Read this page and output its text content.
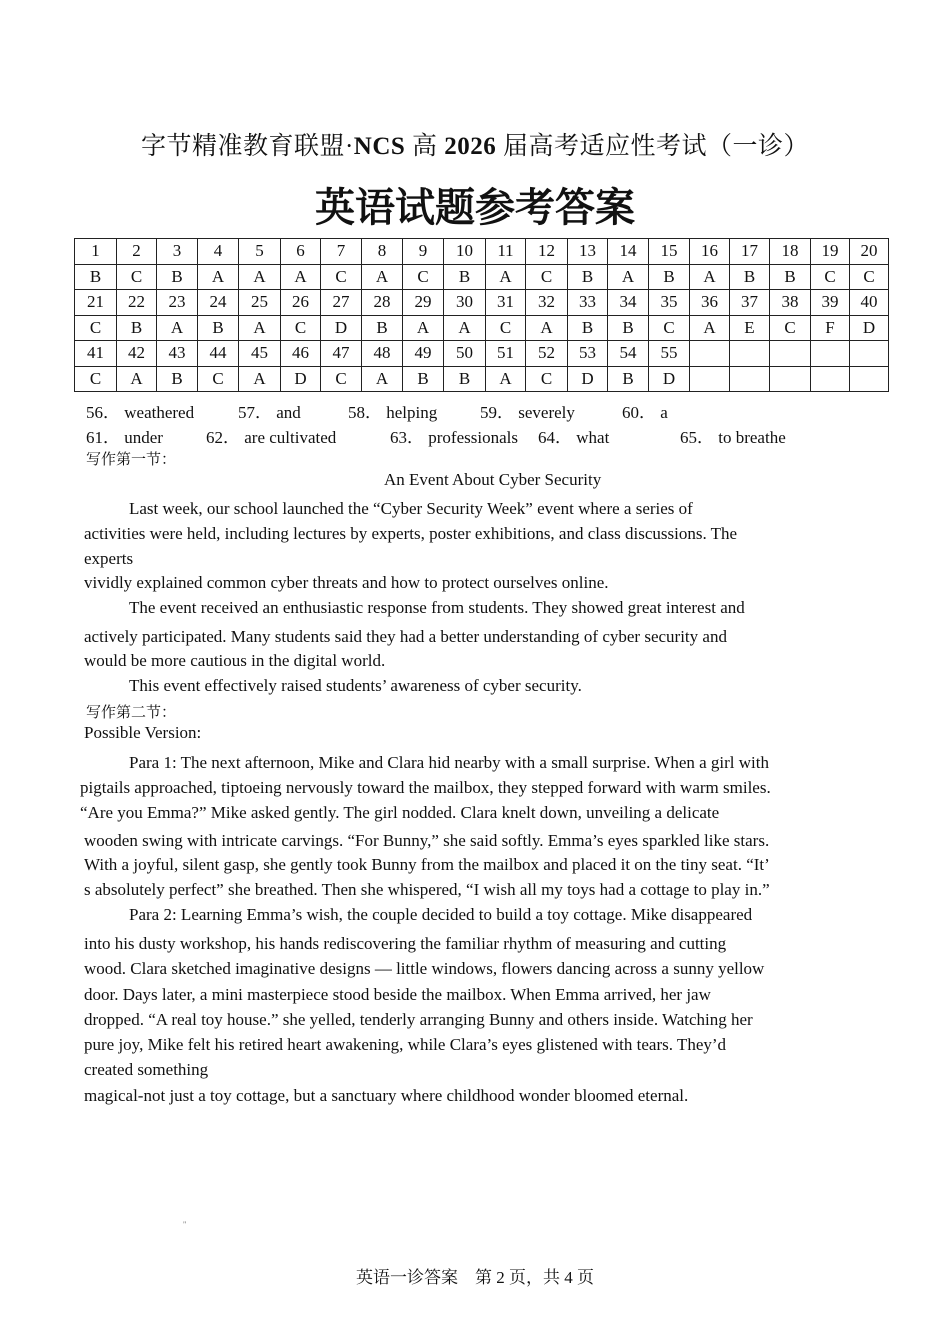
字节精准教育联盟·NCS 高 2026 届高考适应性考试（一诊）
英语试题参考答案
1	2	3	4	5	6	7	8	9	10	11	12	13	14	15	16	17	18	19	20
B	C	B	A	A	A	C	A	C	B	A	C	B	A	B	A	B	B	C	C
21	22	23	24	25	26	27	28	29	30	31	32	33	34	35	36	37	38	39	40
C	B	A	B	A	C	D	B	A	A	C	A	B	B	C	A	E	C	F	D
41	42	43	44	45	46	47	48	49	50	51	52	53	54	55					
C	A	B	C	A	D	C	A	B	B	A	C	D	B	D					
56． weathered	57． and	58． helping	59． severely	60． a
61． under	62． are cultivated	63． professionals 64． what	65． to breathe
写作第一节：
An Event About Cyber Security
Last week, our school launched the “Cyber Security Week” event where a series of
activities were held, including lectures by experts, poster exhibitions, and class discussions. The
experts
vividly explained common cyber threats and how to protect ourselves online.
The event received an enthusiastic response from students. They showed great interest and
actively participated. Many students said they had a better understanding of cyber security and
would be more cautious in the digital world.
This event effectively raised students’ awareness of cyber security.
写作第二节：
Possible Version:
Para 1: The next afternoon, Mike and Clara hid nearby with a small surprise. When a girl with
pigtails approached, tiptoeing nervously toward the mailbox, they stepped forward with warm smiles.
“Are you Emma?” Mike asked gently. The girl nodded. Clara knelt down, unveiling a delicate
wooden swing with intricate carvings. “For Bunny,” she said softly. Emma’s eyes sparkled like stars.
With a joyful, silent gasp, she gently took Bunny from the mailbox and placed it on the tiny seat. “It’
s absolutely perfect” she breathed. Then she whispered, “I wish all my toys had a cottage to play in.”
Para 2: Learning Emma’s wish, the couple decided to build a toy cottage. Mike disappeared
into his dusty workshop, his hands rediscovering the familiar rhythm of measuring and cutting
wood. Clara sketched imaginative designs — little windows, flowers dancing across a sunny yellow
door. Days later, a mini masterpiece stood beside the mailbox. When Emma arrived, her jaw
dropped. “A real toy house.” she yelled, tenderly arranging Bunny and others inside. Watching her
pure joy, Mike felt his retired heart awakening, while Clara’s eyes glistened with tears. They’d
created something
magical-not just a toy cottage, but a sanctuary where childhood wonder bloomed eternal.
"
英语一诊答案　第 2 页，共 4 页
